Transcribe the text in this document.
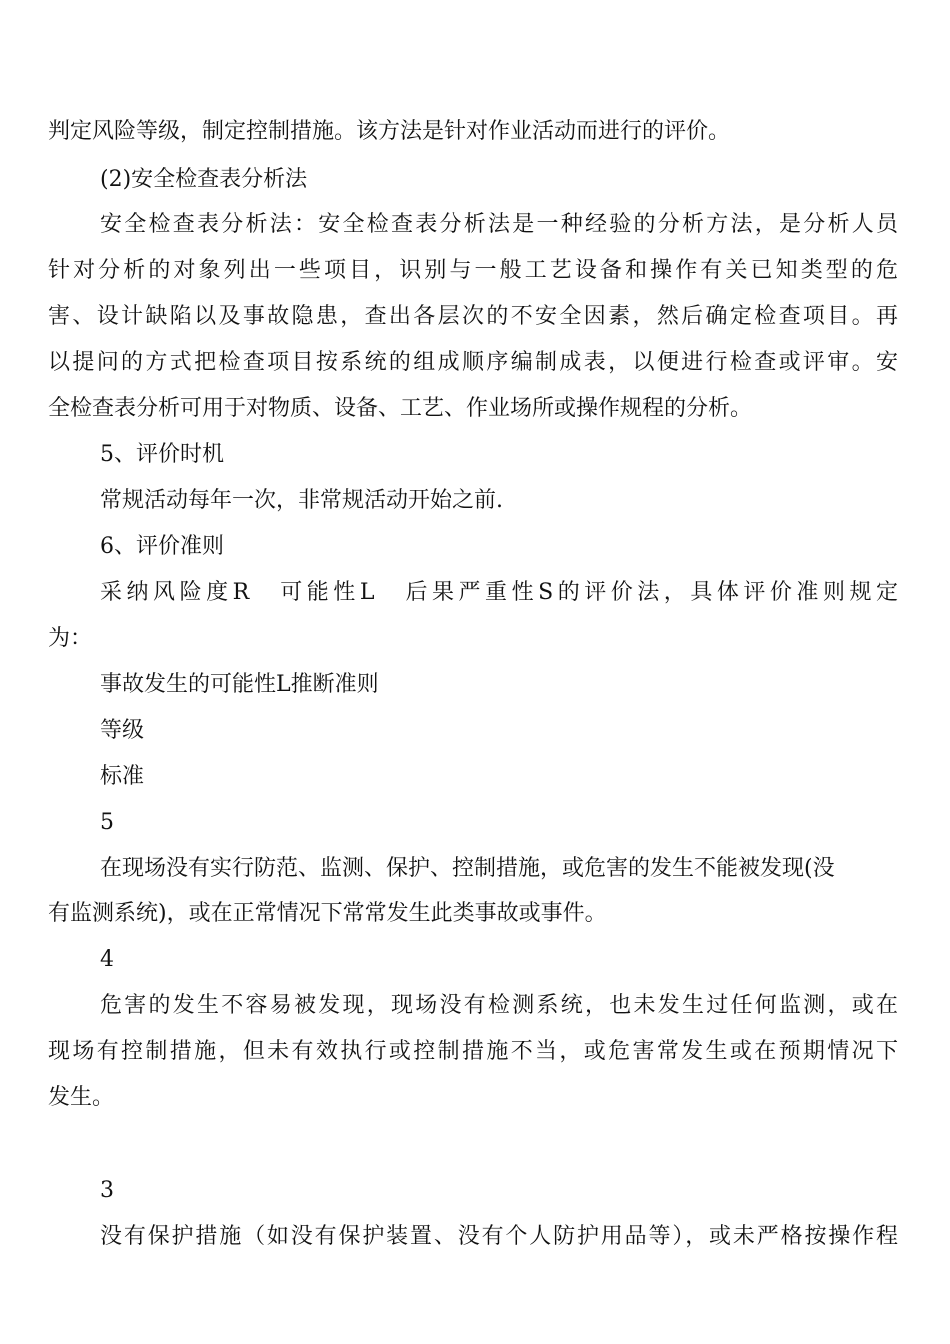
判定风险等级，制定控制措施。该方法是针对作业活动而进行的评价。
(2)安全检查表分析法
安全检查表分析法：安全检查表分析法是一种经验的分析方法，是分析人员
针对分析的对象列出一些项目，识别与一般工艺设备和操作有关已知类型的危
害、设计缺陷以及事故隐患，查出各层次的不安全因素，然后确定检查项目。再
以提问的方式把检查项目按系统的组成顺序编制成表，以便进行检查或评审。安
全检查表分析可用于对物质、设备、工艺、作业场所或操作规程的分析。
5、评价时机
常规活动每年一次，非常规活动开始之前.
6、评价准则
采纳风险度R　可能性L　后果严重性S的评价法，具体评价准则规定
为：
事故发生的可能性L推断准则
等级
标准
5
在现场没有实行防范、监测、保护、控制措施，或危害的发生不能被发现(没
有监测系统)，或在正常情况下常常发生此类事故或事件。
4
危害的发生不容易被发现，现场没有检测系统，也未发生过任何监测，或在
现场有控制措施，但未有效执行或控制措施不当，或危害常发生或在预期情况下
发生。
3
没有保护措施（如没有保护装置、没有个人防护用品等），或未严格按操作程
